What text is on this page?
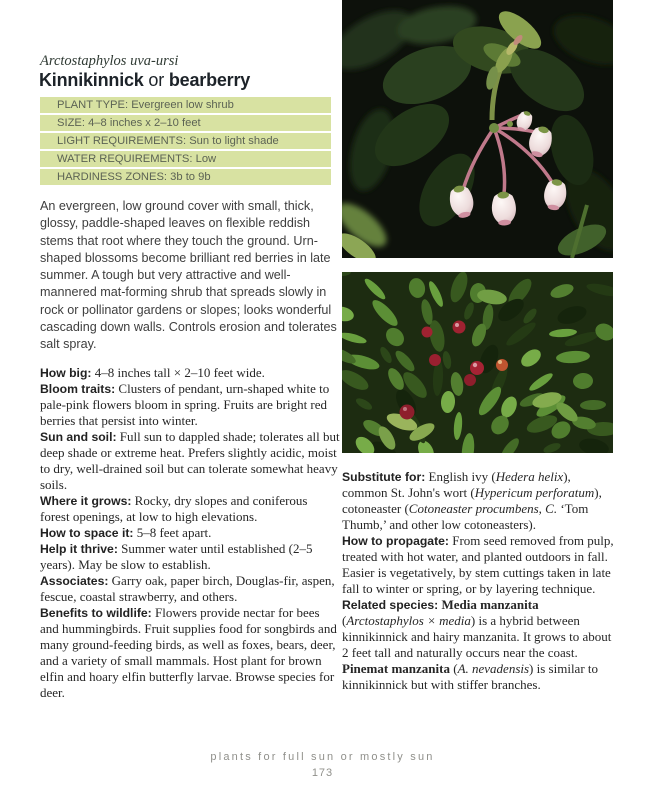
Arctostaphylos uva-ursi
Kinnikinnick or bearberry
PLANT TYPE: Evergreen low shrub
SIZE: 4–8 inches x 2–10 feet
LIGHT REQUIREMENTS: Sun to light shade
WATER REQUIREMENTS: Low
HARDINESS ZONES: 3b to 9b

An evergreen, low ground cover with small, thick, glossy, paddle-shaped leaves on flexible reddish stems that root where they touch the ground. Urn-shaped blossoms become brilliant red berries in late summer. A tough but very attractive and well-mannered mat-forming shrub that spreads slowly in rock or pollinator gardens or slopes; looks wonderful cascading down walls. Controls erosion and tolerates salt spray.

How big: 4–8 inches tall × 2–10 feet wide.

Bloom traits: Clusters of pendant, urn-shaped white to pale-pink flowers bloom in spring. Fruits are bright red berries that persist into winter.

Sun and soil: Full sun to dappled shade; tolerates all but deep shade or extreme heat. Prefers slightly acidic, moist to dry, well-drained soil but can tolerate somewhat heavy soils.

Where it grows: Rocky, dry slopes and coniferous forest openings, at low to high elevations.

How to space it: 5–8 feet apart.

Help it thrive: Summer water until established (2–5 years). May be slow to establish.

Associates: Garry oak, paper birch, Douglas-fir, aspen, fescue, coastal strawberry, and others.

Benefits to wildlife: Flowers provide nectar for bees and hummingbirds. Fruit supplies food for songbirds and many ground-feeding birds, as well as foxes, bears, deer, and a variety of small mammals. Host plant for brown elfin and hoary elfin butterfly larvae. Browse species for deer.

Substitute for: English ivy (Hedera helix), common St. John's wort (Hypericum perforatum), cotoneaster (Cotoneaster procumbens, C. ‘Tom Thumb,’ and other low cotoneasters).

How to propagate: From seed removed from pulp, treated with hot water, and planted outdoors in fall. Easier is vegetatively, by stem cuttings taken in late fall to winter or spring, or by layering technique.

Related species: Media manzanita (Arctostaphylos × media) is a hybrid between kinnikinnick and hairy manzanita. It grows to about 2 feet tall and naturally occurs near the coast. Pinemat manzanita (A. nevadensis) is similar to kinnikinnick but with stiffer branches.

plants for full sun or mostly sun
173
